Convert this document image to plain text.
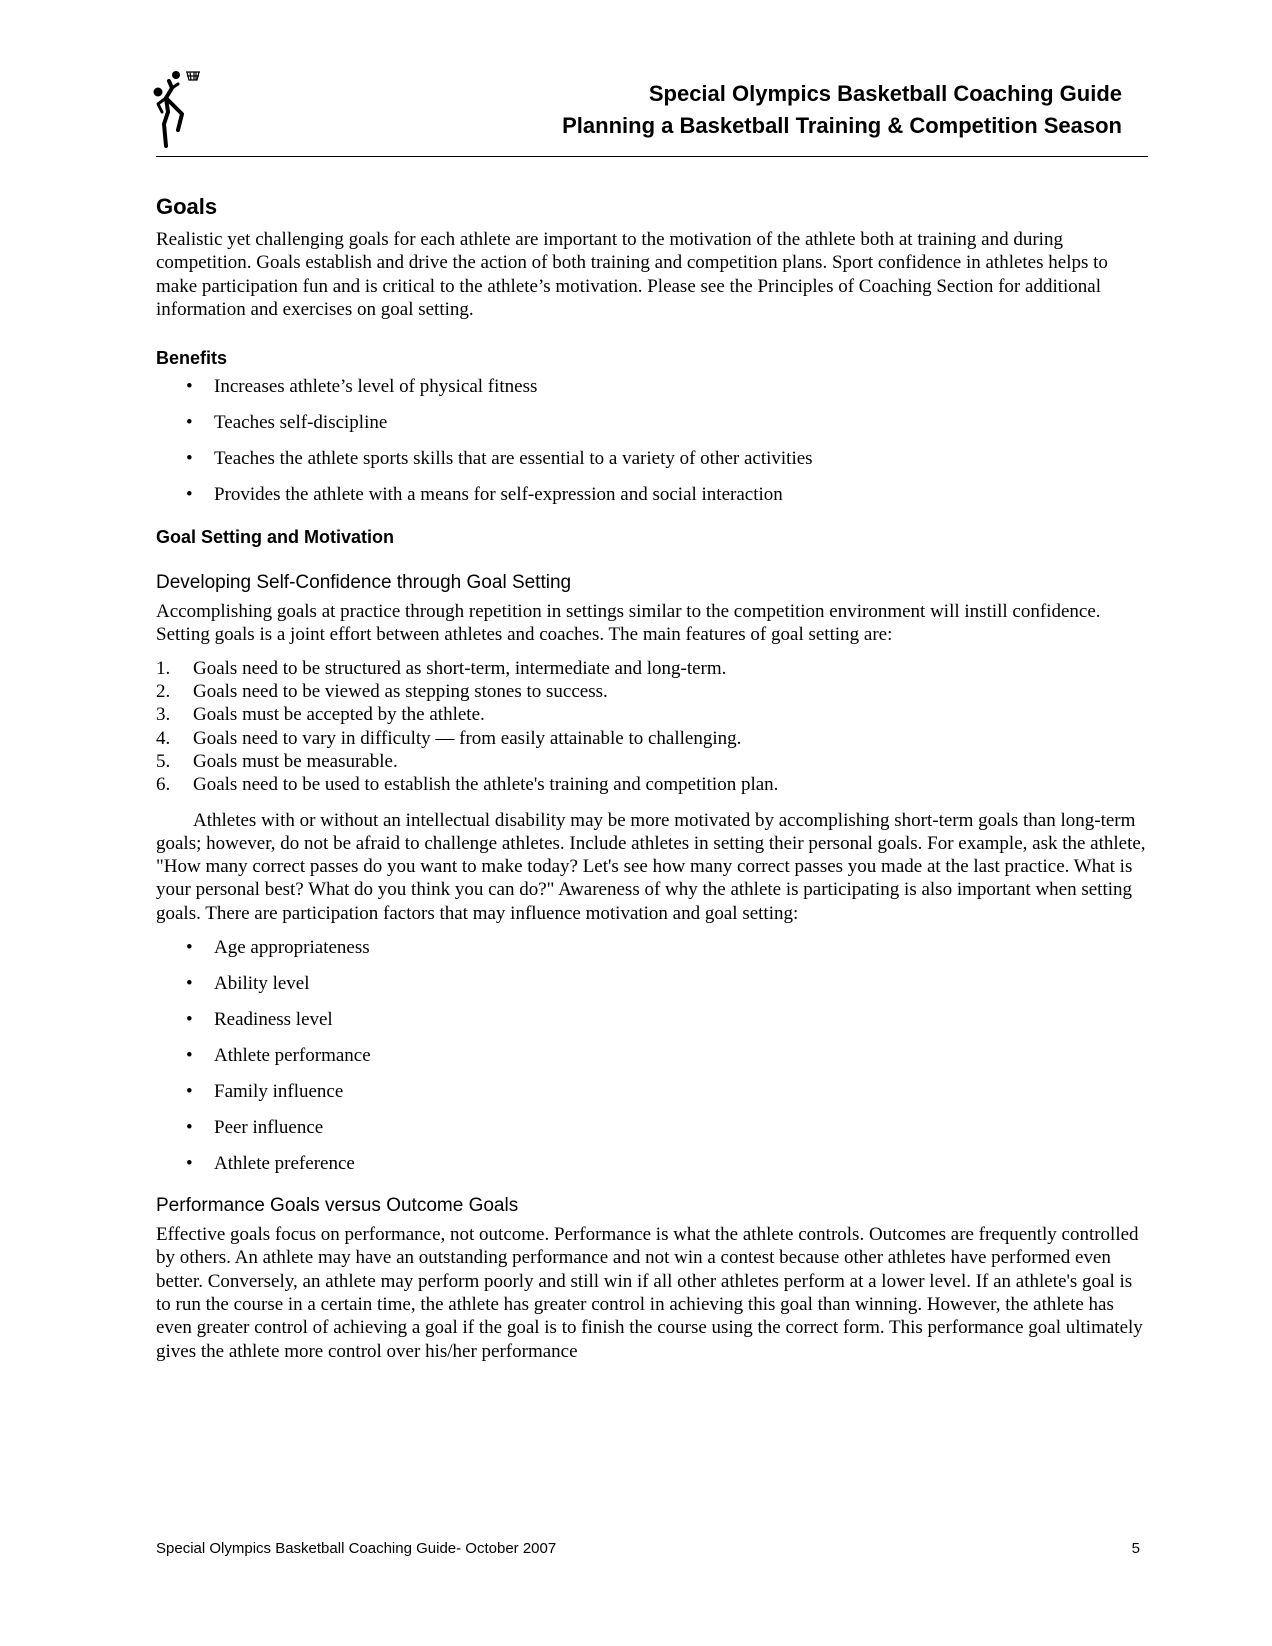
Special Olympics Basketball Coaching Guide
Planning a Basketball Training & Competition Season
Goals

Realistic yet challenging goals for each athlete are important to the motivation of the athlete both at training and during competition. Goals establish and drive the action of both training and competition plans. Sport confidence in athletes helps to make participation fun and is critical to the athlete’s motivation. Please see the Principles of Coaching Section for additional information and exercises on goal setting.

Benefits
• Increases athlete’s level of physical fitness
• Teaches self-discipline
• Teaches the athlete sports skills that are essential to a variety of other activities
• Provides the athlete with a means for self-expression and social interaction
Goal Setting and Motivation
Developing Self-Confidence through Goal Setting

Accomplishing goals at practice through repetition in settings similar to the competition environment will instill confidence. Setting goals is a joint effort between athletes and coaches. The main features of goal setting are:

1. Goals need to be structured as short-term, intermediate and long-term.
2. Goals need to be viewed as stepping stones to success.
3. Goals must be accepted by the athlete.
4. Goals need to vary in difficulty — from easily attainable to challenging.
5. Goals must be measurable.
6. Goals need to be used to establish the athlete's training and competition plan.

Athletes with or without an intellectual disability may be more motivated by accomplishing short-term goals than long-term goals; however, do not be afraid to challenge athletes. Include athletes in setting their personal goals. For example, ask the athlete, "How many correct passes do you want to make today? Let's see how many correct passes you made at the last practice. What is your personal best? What do you think you can do?" Awareness of why the athlete is participating is also important when setting goals. There are participation factors that may influence motivation and goal setting:

• Age appropriateness
• Ability level
• Readiness level
• Athlete performance
• Family influence
• Peer influence
• Athlete preference
Performance Goals versus Outcome Goals

Effective goals focus on performance, not outcome. Performance is what the athlete controls. Outcomes are frequently controlled by others. An athlete may have an outstanding performance and not win a contest because other athletes have performed even better. Conversely, an athlete may perform poorly and still win if all other athletes perform at a lower level. If an athlete's goal is to run the course in a certain time, the athlete has greater control in achieving this goal than winning. However, the athlete has even greater control of achieving a goal if the goal is to finish the course using the correct form. This performance goal ultimately gives the athlete more control over his/her performance

Special Olympics Basketball Coaching Guide- October 2007	5
